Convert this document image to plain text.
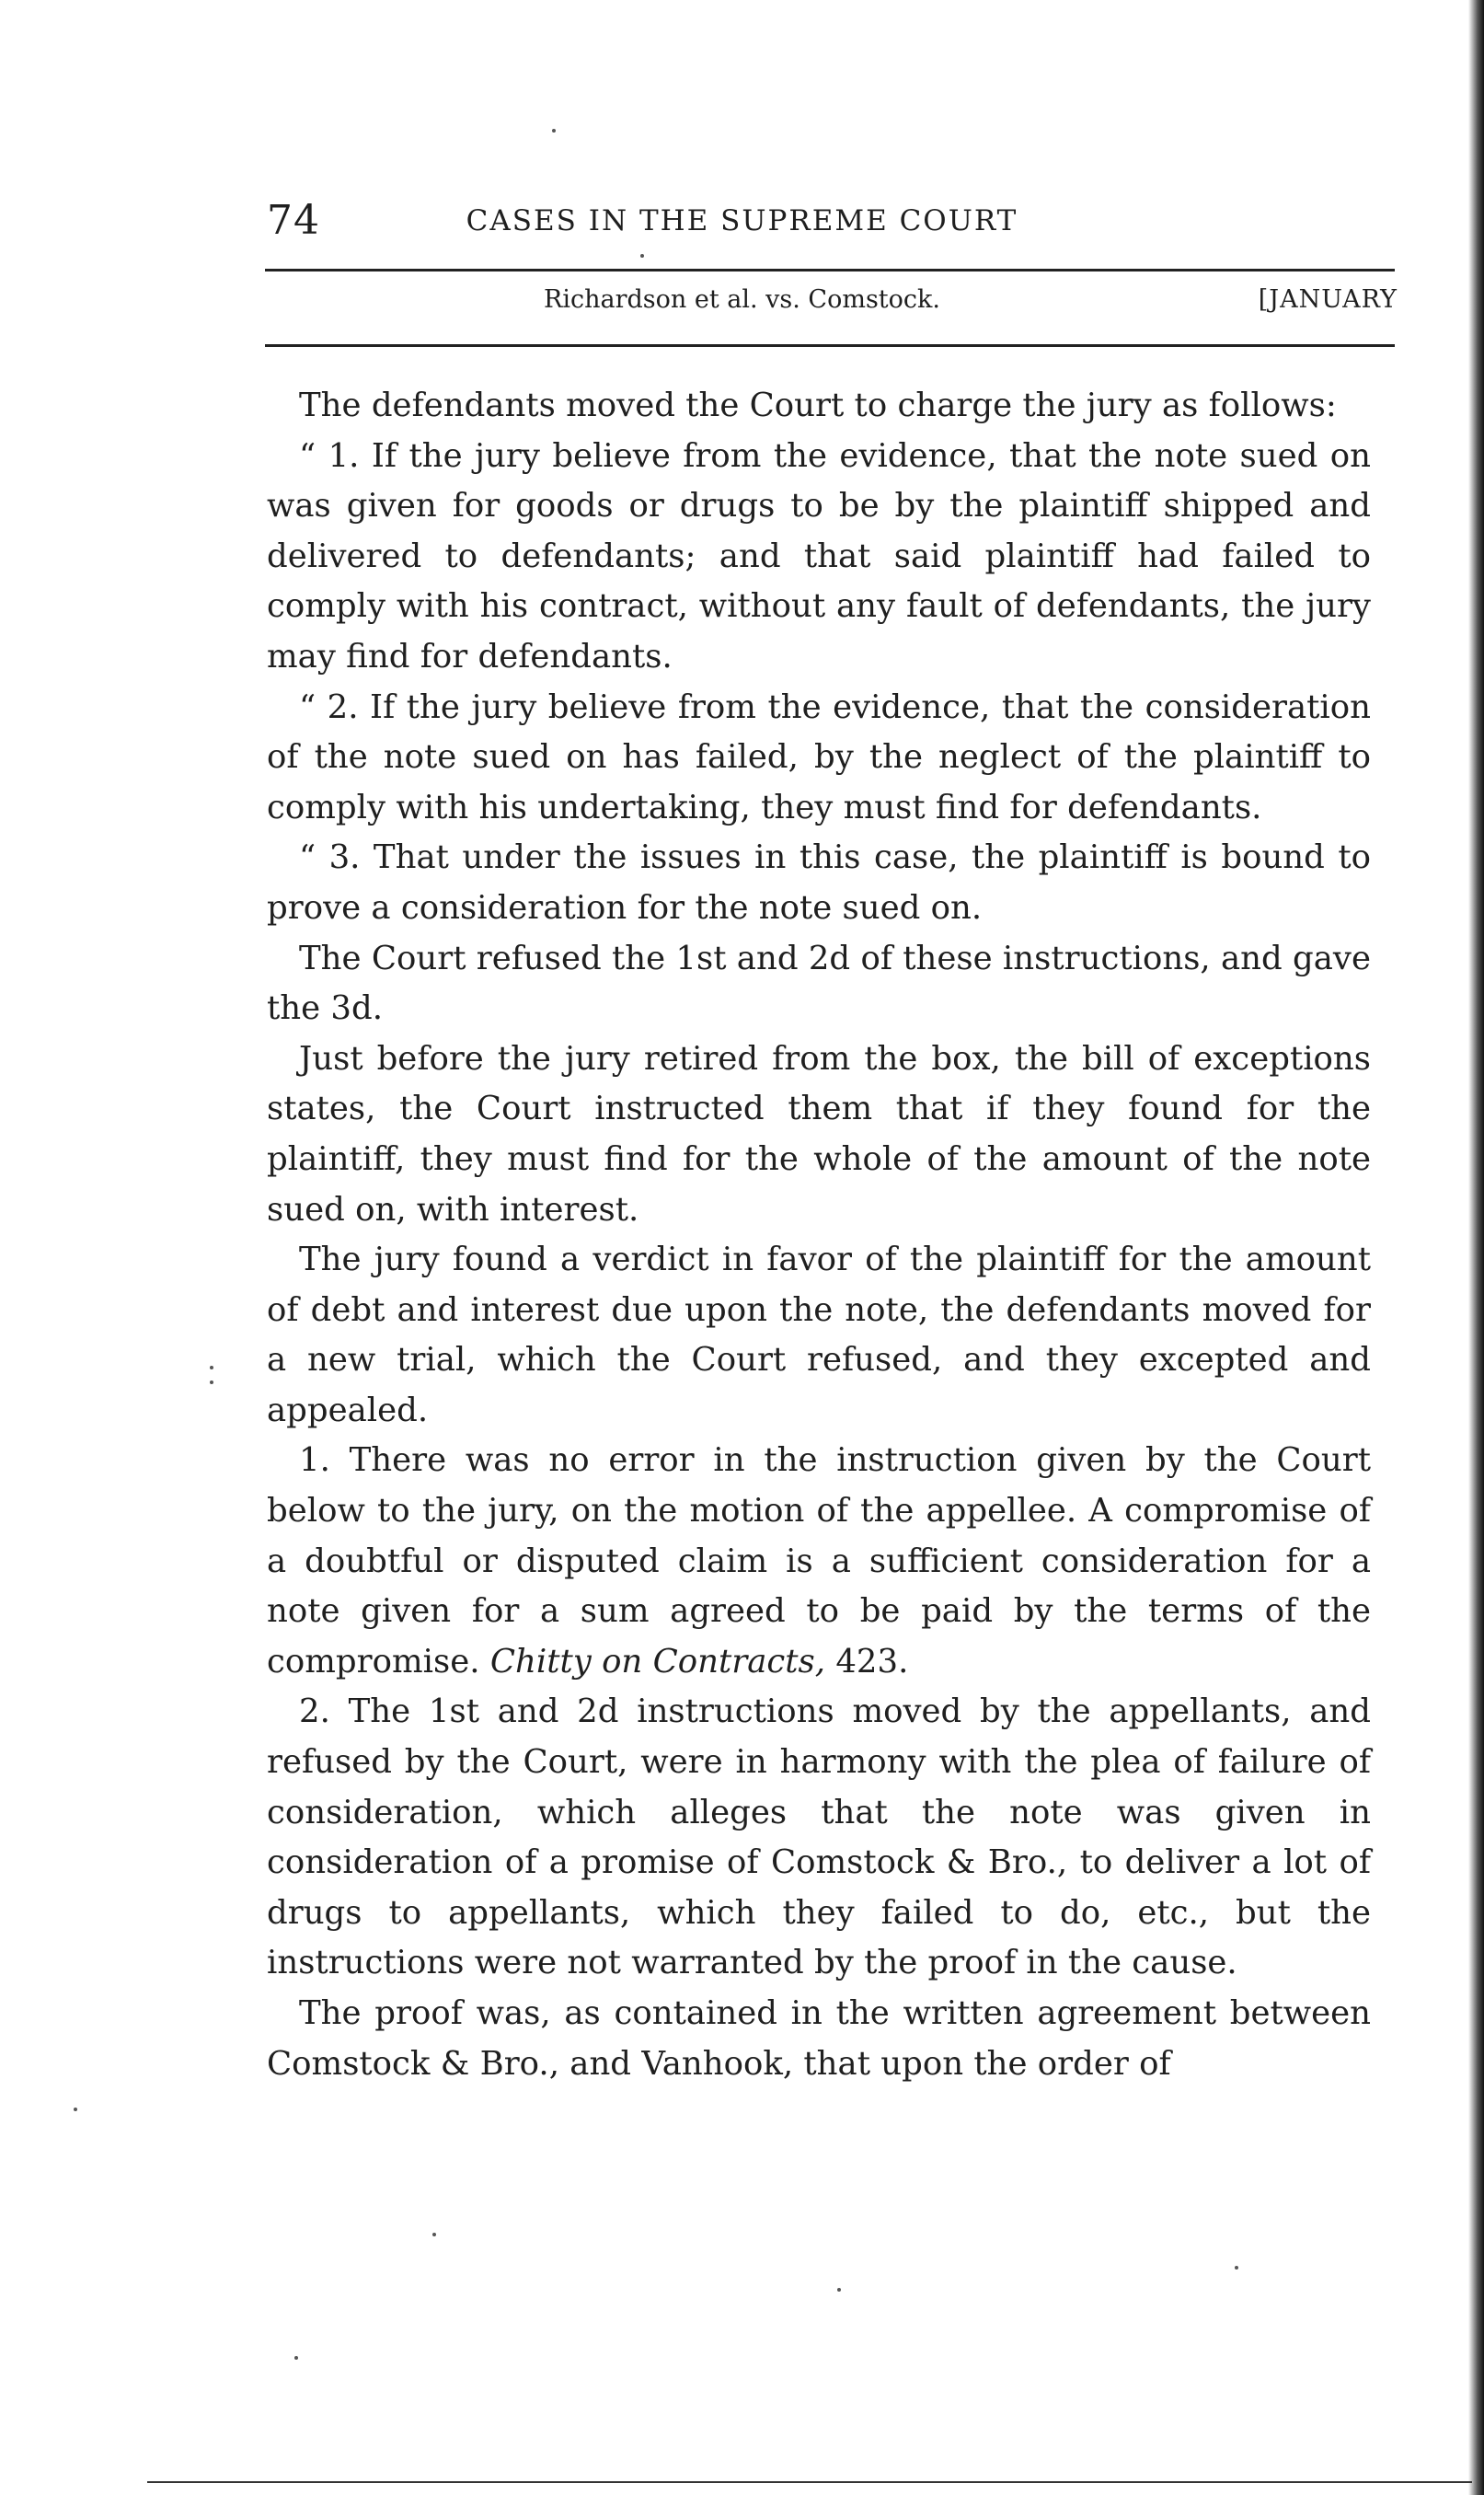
74	CASES IN THE SUPREME COURT
Richardson et al. vs. Comstock.	[JANUARY

The defendants moved the Court to charge the jury as follows:

“ 1. If the jury believe from the evidence, that the note sued on was given for goods or drugs to be by the plaintiff shipped and delivered to defendants; and that said plaintiff had failed to comply with his contract, without any fault of defendants, the jury may find for defendants.

“ 2. If the jury believe from the evidence, that the consideration of the note sued on has failed, by the neglect of the plaintiff to comply with his undertaking, they must find for defendants.

“ 3. That under the issues in this case, the plaintiff is bound to prove a consideration for the note sued on.

The Court refused the 1st and 2d of these instructions, and gave the 3d.

Just before the jury retired from the box, the bill of exceptions states, the Court instructed them that if they found for the plaintiff, they must find for the whole of the amount of the note sued on, with interest.

The jury found a verdict in favor of the plaintiff for the amount of debt and interest due upon the note, the defendants moved for a new trial, which the Court refused, and they excepted and appealed.

1. There was no error in the instruction given by the Court below to the jury, on the motion of the appellee. A compromise of a doubtful or disputed claim is a sufficient consideration for a note given for a sum agreed to be paid by the terms of the compromise. Chitty on Contracts, 423.

2. The 1st and 2d instructions moved by the appellants, and refused by the Court, were in harmony with the plea of failure of consideration, which alleges that the note was given in consideration of a promise of Comstock & Bro., to deliver a lot of drugs to appellants, which they failed to do, etc., but the instructions were not warranted by the proof in the cause.

The proof was, as contained in the written agreement between Comstock & Bro., and Vanhook, that upon the order of
